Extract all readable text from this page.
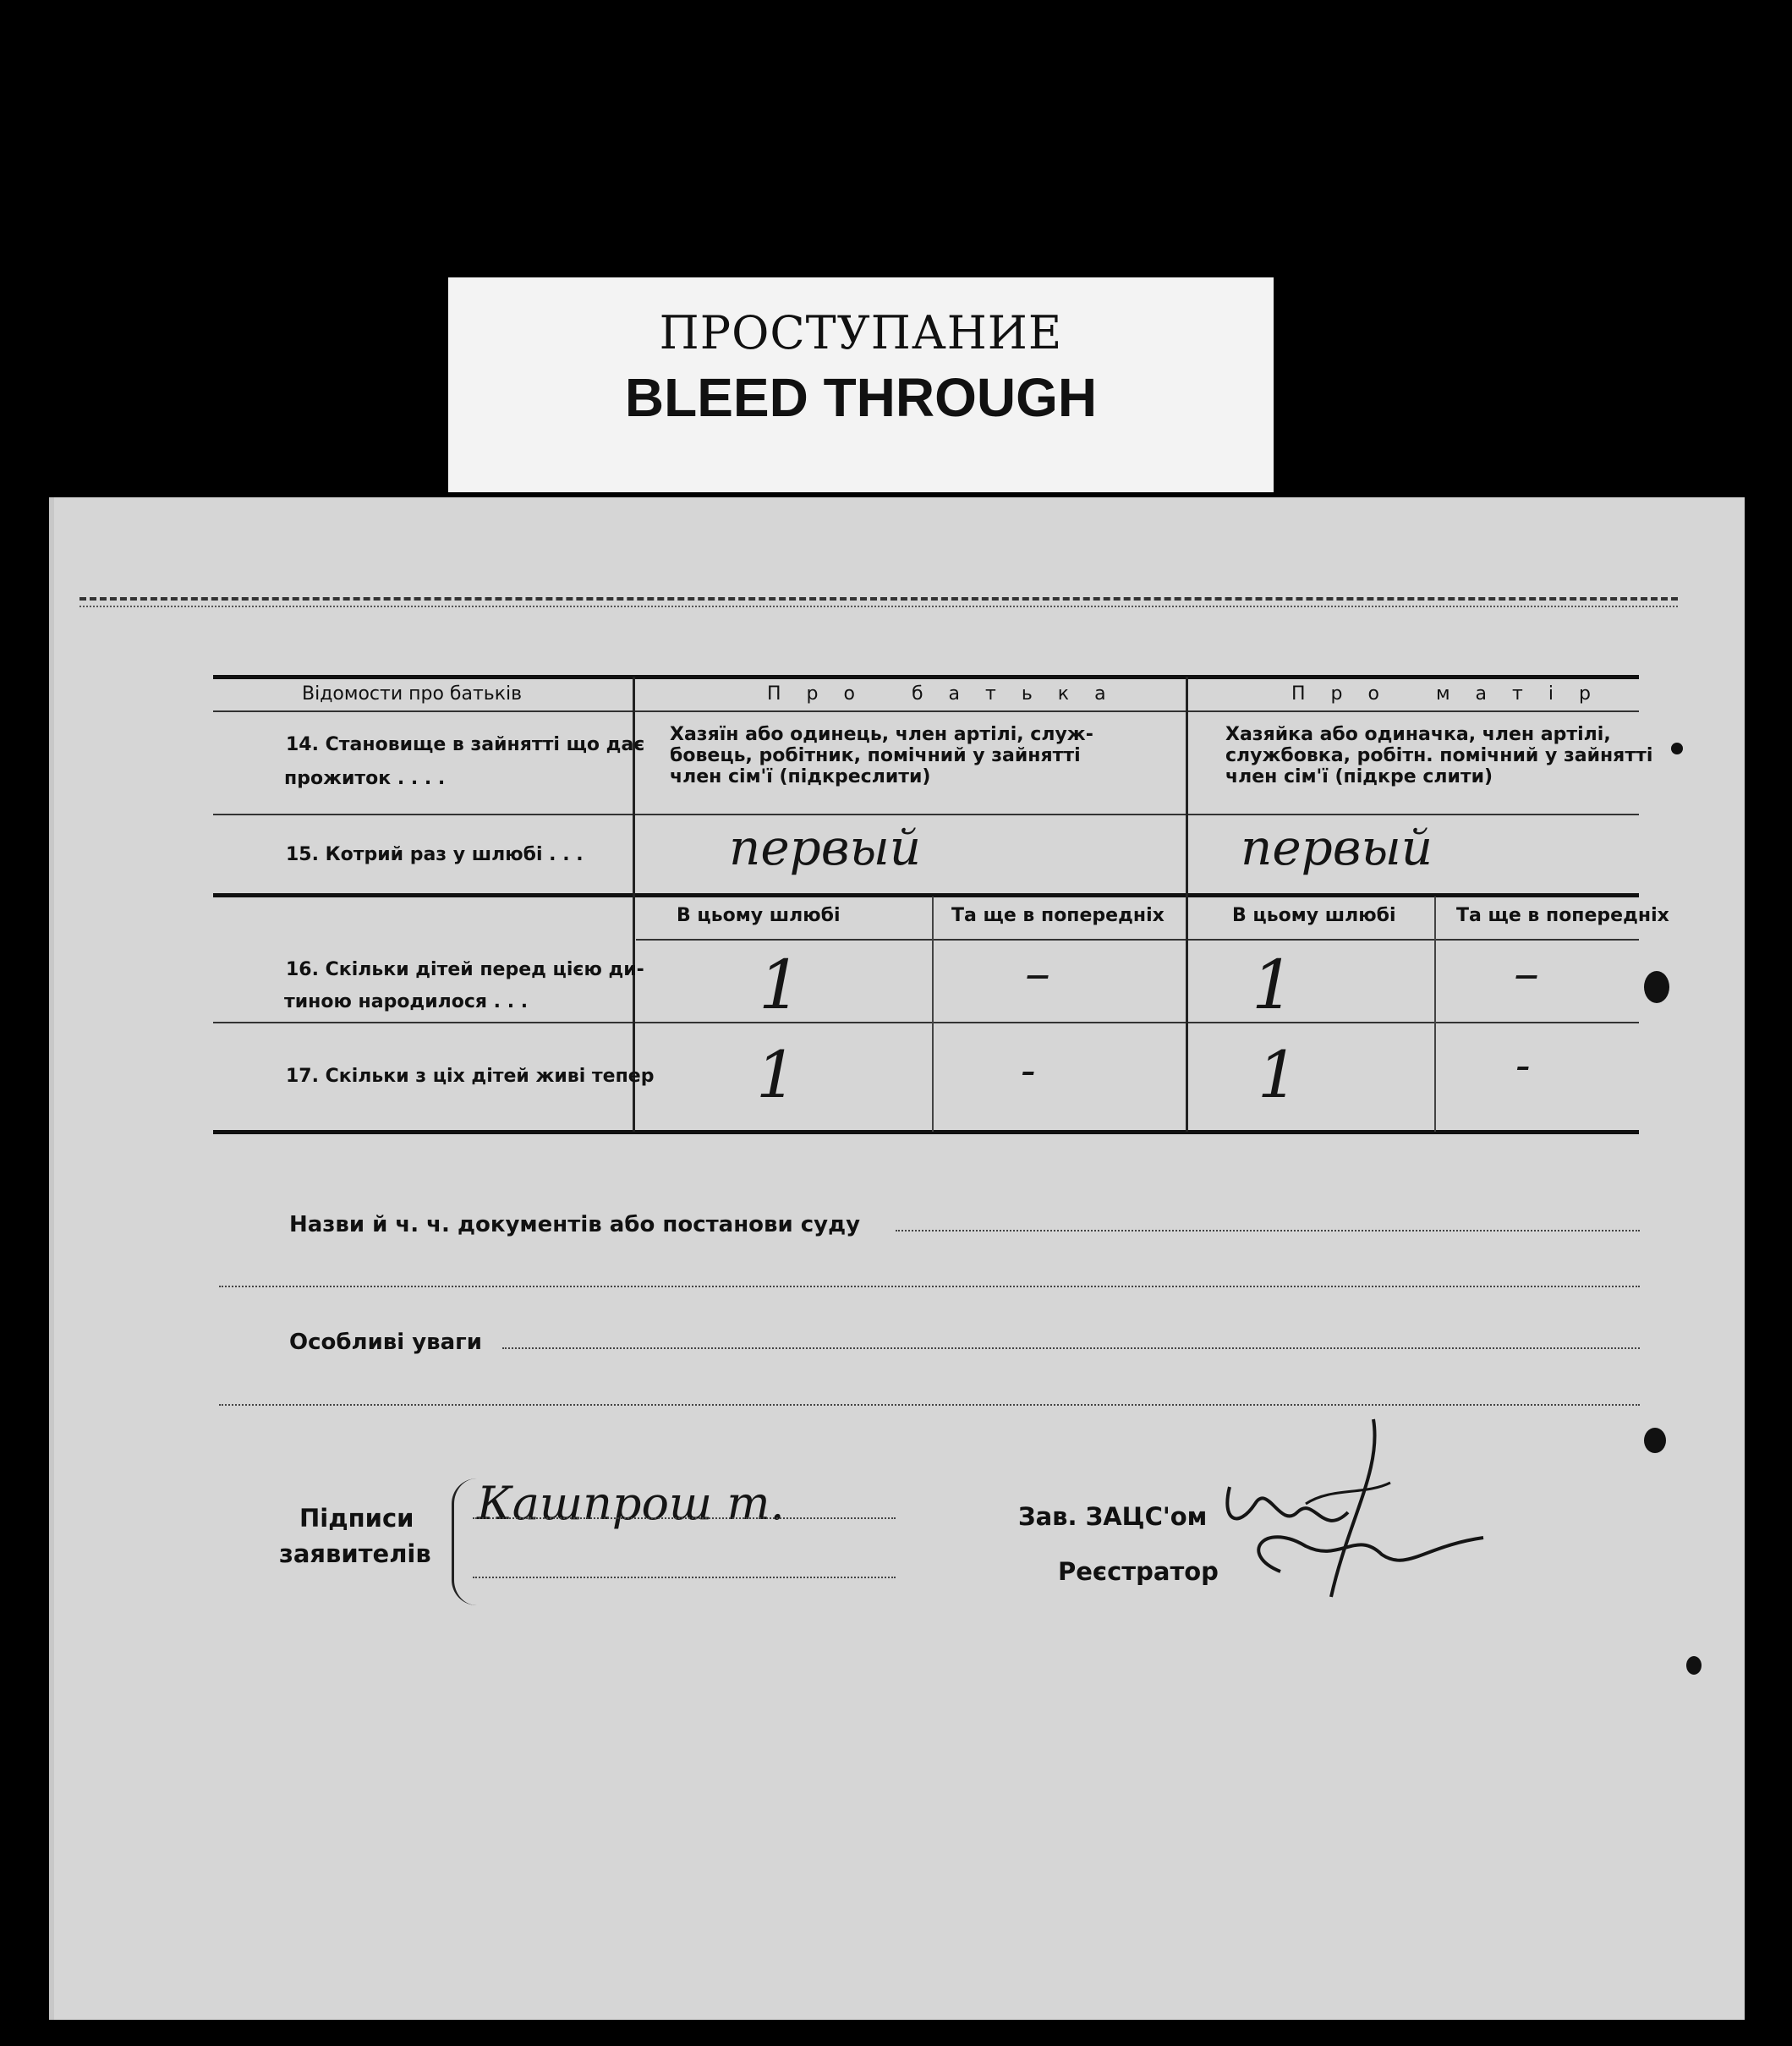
ПРОСТУПАНИЕ
BLEED THROUGH
Відомости про батьків	Про батька	Про матір
14. Становище в зайнятті що дає
прожиток . . . .
Хазяїн або одинець, член артілі, служ-
бовець, робітник, помічний у зайнятті
член сім'ї (підкреслити)
Хазяйка або одиначка, член артілі,
службовка, робітн. помічний у зайнятті
член сім'ї (підкре слити)
15. Котрий раз у шлюбі . . .	первый	первый
В цьому шлюбі	Та ще в попередніх	В цьому шлюбі	Та ще в попередніх
16. Скільки дітей перед цією ди-
тиною народилося . . .	1	–	1	–
17. Скільки з ціх дітей живі тепер 1	-	1	-
Назви й ч. ч. документів або постанови суду
Особливі уваги
Підписи
заявителів
Кашпрош т.	Зав. ЗАЦС'ом
Реєстратор
